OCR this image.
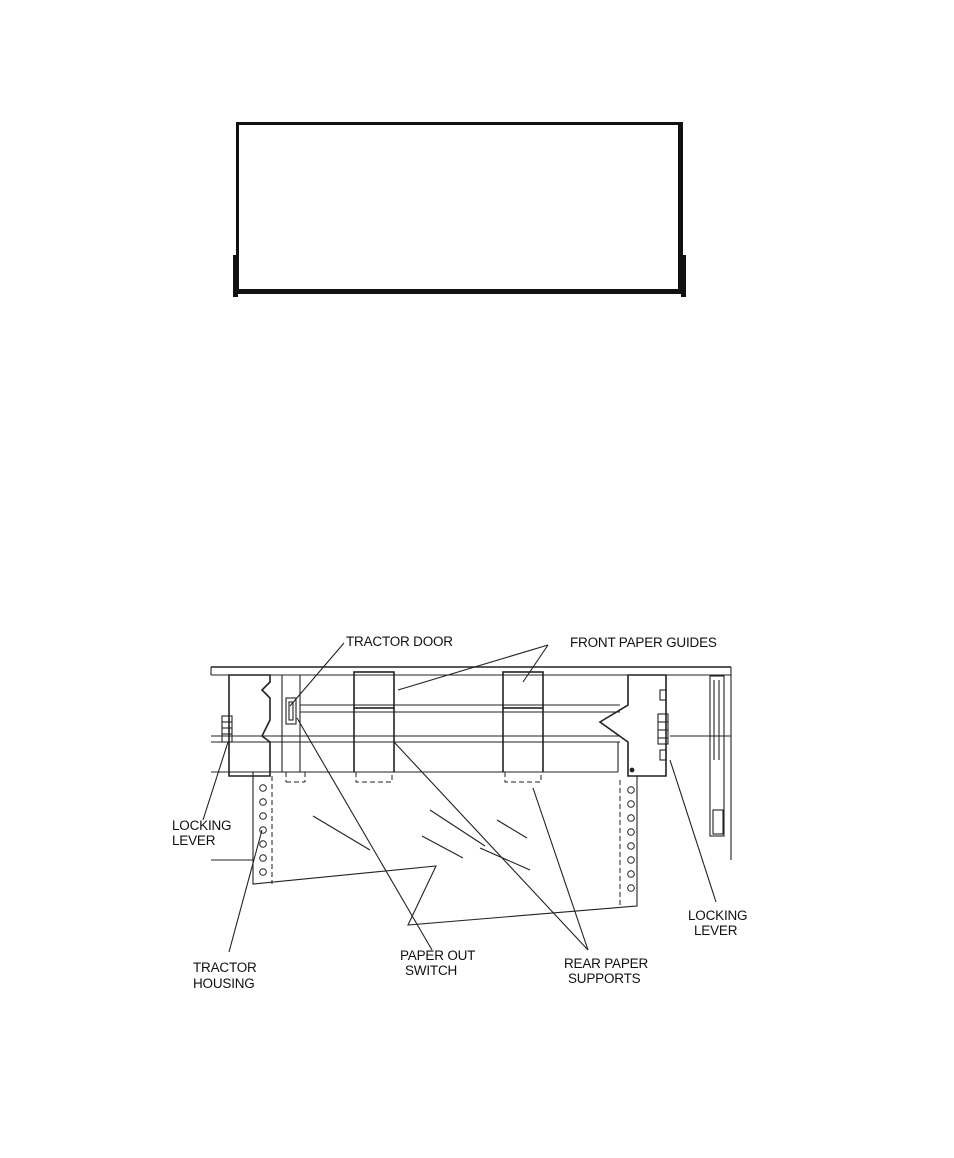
TRACTOR DOOR	FRONT PAPER GUIDES
LOCKING LEVER
TRACTOR HOUSING
PAPER OUT SWITCH	REAR PAPER SUPPORTS
LOCKING LEVER
